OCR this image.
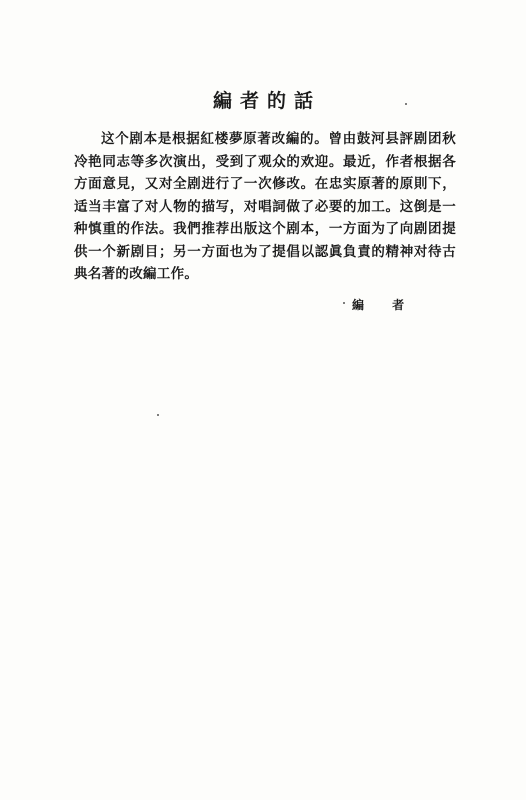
編者的話

这个剧本是根据紅楼夢原著改編的。曾由鼓河县評剧团秋冷艳同志等多次演出，受到了观众的欢迎。最近，作者根据各方面意見，又对全剧进行了一次修改。在忠实原著的原則下，适当丰富了对人物的描写，对唱詞做了必要的加工。这倒是一种慎重的作法。我們推荐出版这个剧本，一方面为了向剧团提供一个新剧目；另一方面也为了提倡以認眞負責的精神对待古典名著的改編工作。

編 者
